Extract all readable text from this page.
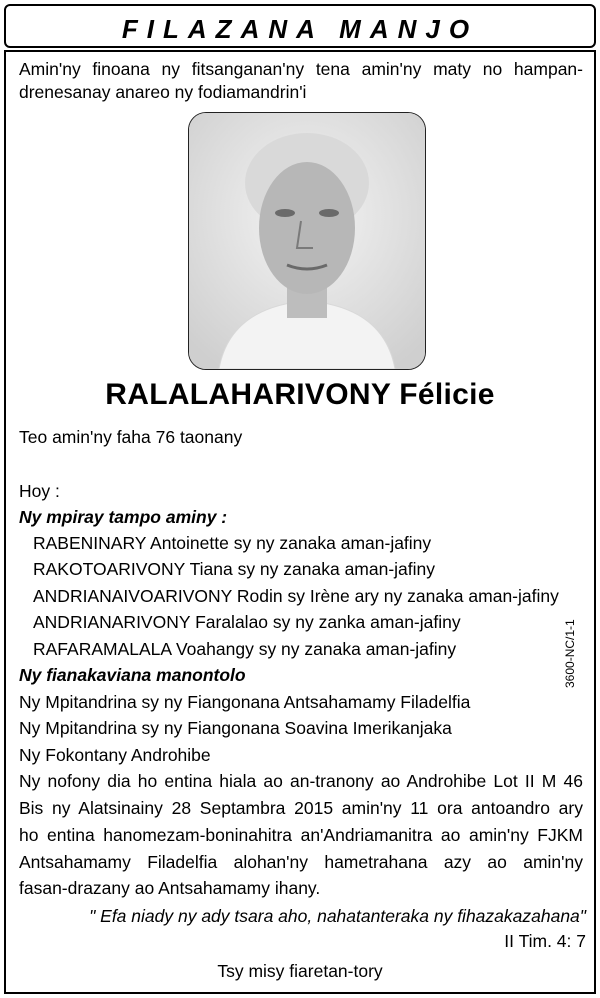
FILAZANA MANJO
Amin'ny finoana ny fitsanganan'ny tena amin'ny maty no hampan-
drenesanay anareo ny fodiamandrin'i
RALALAHARIVONY Félicie
Teo amin'ny faha 76 taonany
Hoy :
Ny mpiray tampo aminy :
RABENINARY Antoinette sy ny zanaka aman-jafiny
RAKOTOARIVONY Tiana sy ny zanaka aman-jafiny
ANDRIANAIVOARIVONY Rodin sy Irène ary ny zanaka aman-jafiny
ANDRIANARIVONY Faralalao sy ny zanka aman-jafiny
RAFARAMALALA Voahangy sy ny zanaka aman-jafiny
Ny fianakaviana manontolo
Ny Mpitandrina sy ny Fiangonana Antsahamamy Filadelfia
Ny Mpitandrina sy ny Fiangonana Soavina Imerikanjaka
Ny Fokontany Androhibe
Ny nofony dia ho entina hiala ao an-tranony ao Androhibe Lot II M 46
Bis ny Alatsinainy 28 Septambra 2015 amin'ny 11 ora antoandro ary
ho entina hanomezam-boninahitra an'Andriamanitra ao amin'ny FJKM
Antsahamamy Filadelfia alohan'ny hametrahana azy ao amin'ny
fasan-drazany ao Antsahamamy ihany.
" Efa niady ny ady tsara aho, nahatanteraka ny fihazakazahana"
II Tim. 4: 7
Tsy misy fiaretan-tory
3600-NC/1-1
